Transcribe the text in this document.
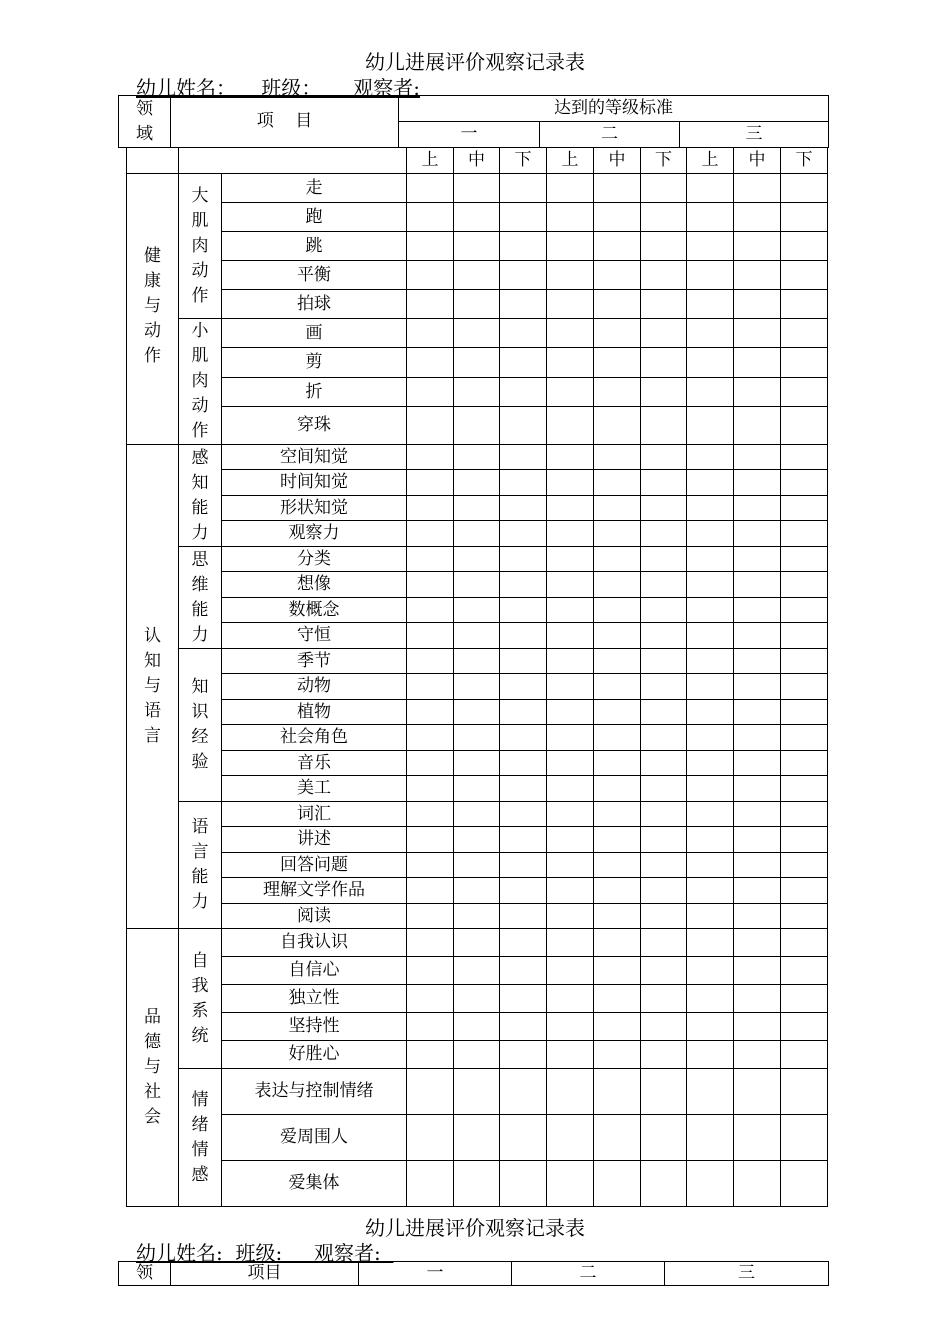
幼儿进展评价观察记录表
幼儿姓名：    班级：     观察者:
领
域	项    目	达到的等级标准		
		一	二	三
			上	中	下	上	中	下	上	中	下
健
康
与
动
作	大
肌
肉
动
作	走									
		跑									
		跳									
		平衡									
		拍球									
	小
肌
肉
动
作	画									
		剪									
		折									
		穿珠									
认
知
与
语
言	感
知
能
力	空间知觉									
		时间知觉									
		形状知觉									
		观察力									
	思
维
能
力	分类									
		想像									
		数概念									
		守恒									
	知
识
经
验	季节									
		动物									
		植物									
		社会角色									
		音乐									
		美工									
	语
言
能
力	词汇									
		讲述									
		回答问题									
		理解文学作品									
		阅读									
品
德
与
社
会	自
我
系
统	自我认识									
		自信心									
		独立性									
		坚持性									
		好胜心									
	情
绪
情
感	表达与控制情绪									
		爱周围人									
		爱集体									
幼儿进展评价观察记录表
幼儿姓名:  班级:     观察者:
领	项目	一	二	三
